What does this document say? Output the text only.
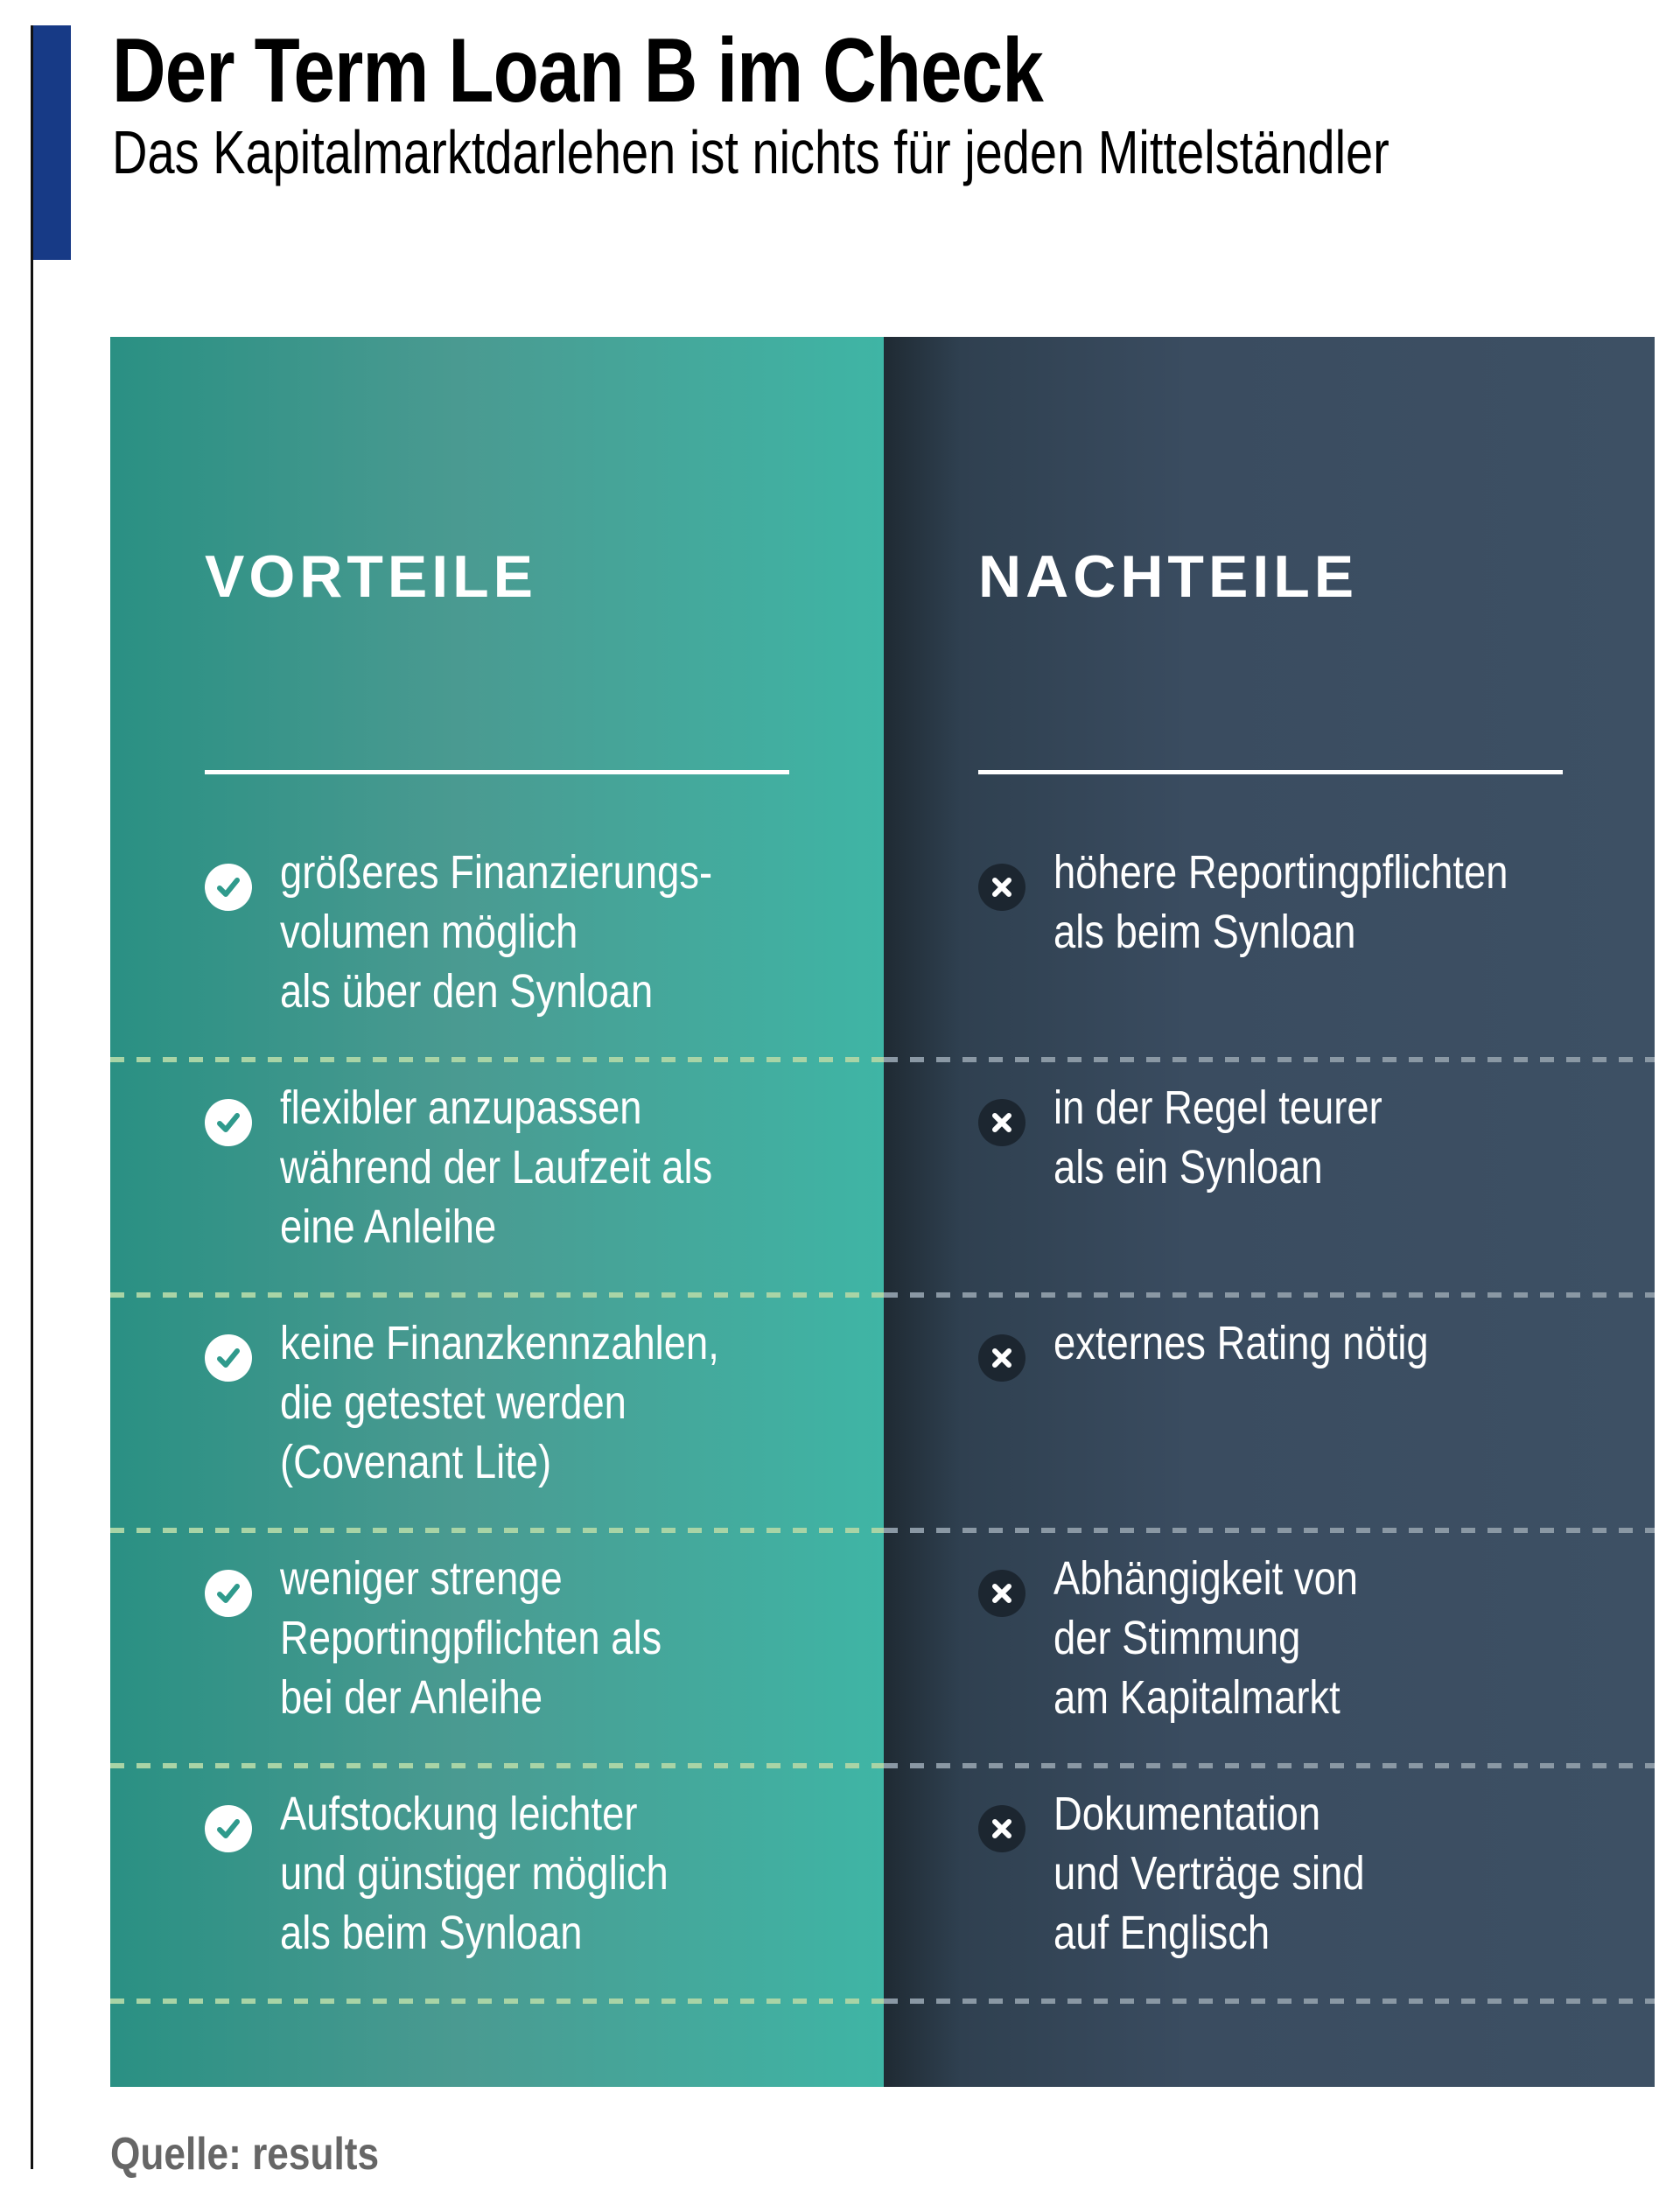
Der Term Loan B im Check
Das Kapitalmarktdarlehen ist nichts für jeden Mittelständler
VORTEILE
größeres Finanzierungs-
volumen möglich
als über den Synloan
flexibler anzupassen
während der Laufzeit als
eine Anleihe
keine Finanzkennzahlen,
die getestet werden
(Covenant Lite)
weniger strenge
Reportingpflichten als
bei der Anleihe
Aufstockung leichter
und günstiger möglich
als beim Synloan
NACHTEILE
höhere Reportingpflichten
als beim Synloan
in der Regel teurer
als ein Synloan
externes Rating nötig
Abhängigkeit von
der Stimmung
am Kapitalmarkt
Dokumentation
und Verträge sind
auf Englisch
Quelle: results
